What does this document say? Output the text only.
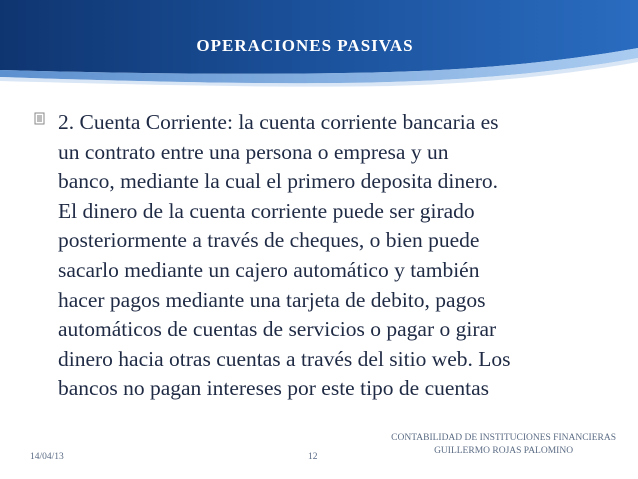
OPERACIONES PASIVAS

2. Cuenta Corriente: la cuenta corriente bancaria es
un contrato entre una persona o empresa y un
banco, mediante la cual el primero deposita dinero.
El dinero de la cuenta corriente puede ser girado
posteriormente a través de cheques, o bien puede
sacarlo mediante un cajero automático y también
hacer pagos mediante una tarjeta de debito, pagos
automáticos de cuentas de servicios o pagar o girar
dinero hacia otras cuentas a través del sitio web. Los
bancos no pagan intereses por este tipo de cuentas

14/04/13	12
CONTABILIDAD DE INSTITUCIONES FINANCIERAS
GUILLERMO ROJAS PALOMINO
